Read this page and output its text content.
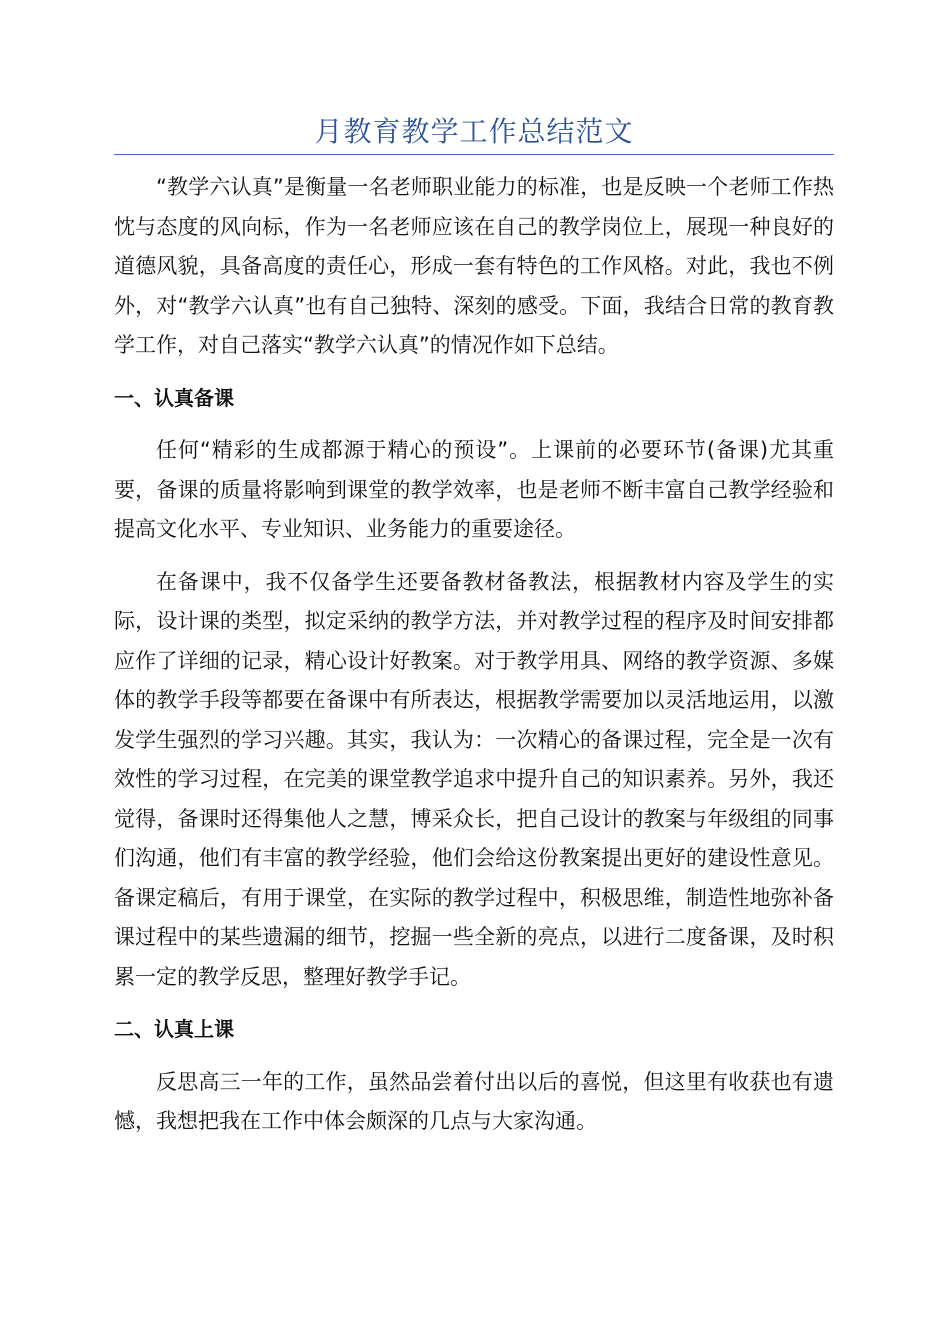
月教育教学工作总结范文

“教学六认真”是衡量一名老师职业能力的标准，也是反映一个老师工作热忱与态度的风向标，作为一名老师应该在自己的教学岗位上，展现一种良好的道德风貌，具备高度的责任心，形成一套有特色的工作风格。对此，我也不例外，对“教学六认真”也有自己独特、深刻的感受。下面，我结合日常的教育教学工作，对自己落实“教学六认真”的情况作如下总结。

一、认真备课

任何“精彩的生成都源于精心的预设”。上课前的必要环节(备课)尤其重要，备课的质量将影响到课堂的教学效率，也是老师不断丰富自己教学经验和提高文化水平、专业知识、业务能力的重要途径。

在备课中，我不仅备学生还要备教材备教法，根据教材内容及学生的实际，设计课的类型，拟定采纳的教学方法，并对教学过程的程序及时间安排都应作了详细的记录，精心设计好教案。对于教学用具、网络的教学资源、多媒体的教学手段等都要在备课中有所表达，根据教学需要加以灵活地运用，以激发学生强烈的学习兴趣。其实，我认为：一次精心的备课过程，完全是一次有效性的学习过程，在完美的课堂教学追求中提升自己的知识素养。另外，我还觉得，备课时还得集他人之慧，博采众长，把自己设计的教案与年级组的同事们沟通，他们有丰富的教学经验，他们会给这份教案提出更好的建设性意见。备课定稿后，有用于课堂，在实际的教学过程中，积极思维，制造性地弥补备课过程中的某些遗漏的细节，挖掘一些全新的亮点，以进行二度备课，及时积累一定的教学反思，整理好教学手记。

二、认真上课

反思高三一年的工作，虽然品尝着付出以后的喜悦，但这里有收获也有遗憾，我想把我在工作中体会颇深的几点与大家沟通。
